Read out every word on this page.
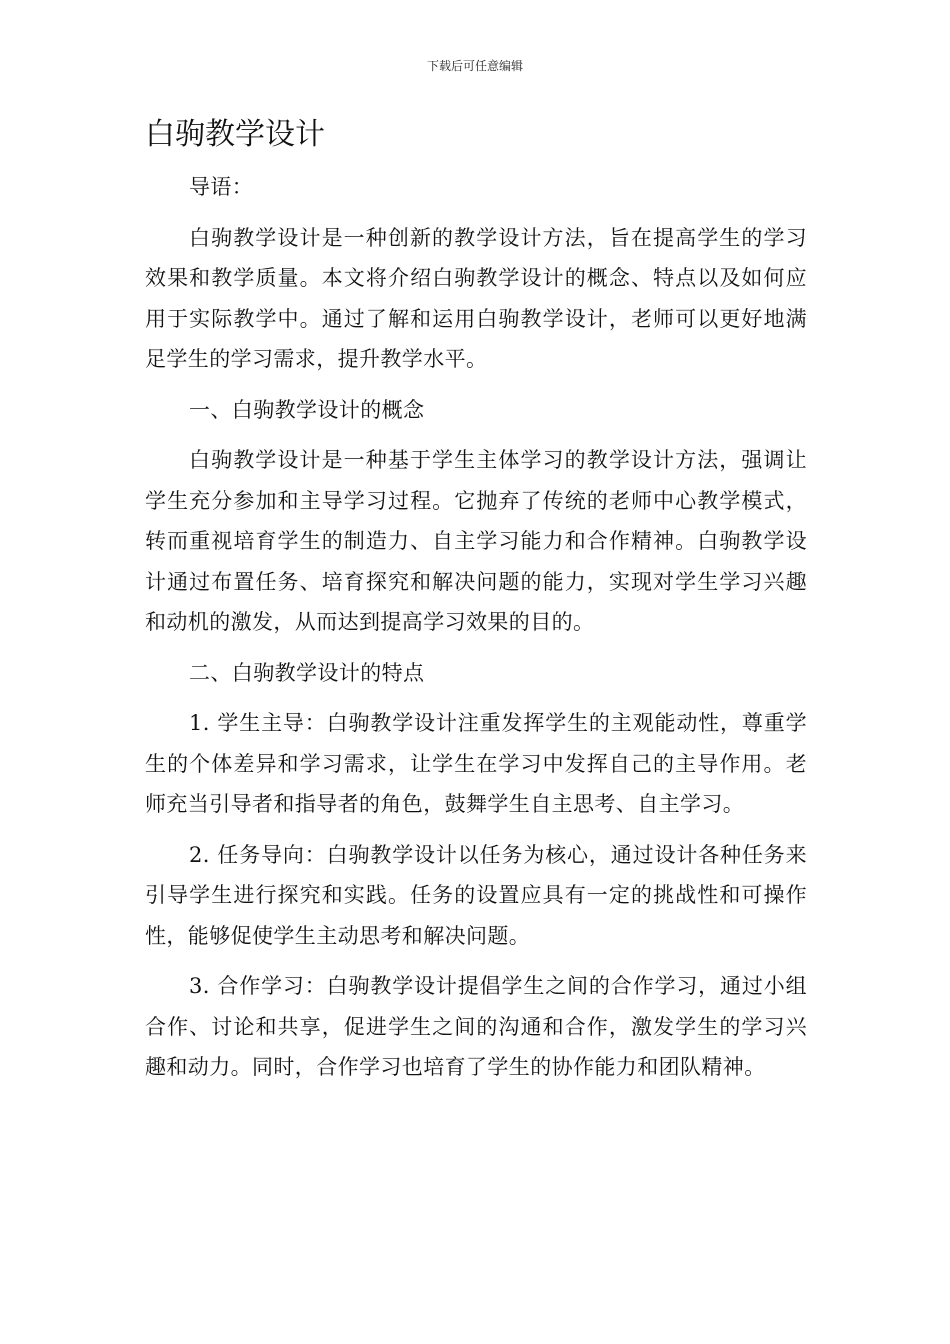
下载后可任意编辑
白驹教学设计

导语：

白驹教学设计是一种创新的教学设计方法，旨在提高学生的学习效果和教学质量。本文将介绍白驹教学设计的概念、特点以及如何应用于实际教学中。通过了解和运用白驹教学设计，老师可以更好地满足学生的学习需求，提升教学水平。

一、白驹教学设计的概念

白驹教学设计是一种基于学生主体学习的教学设计方法，强调让学生充分参加和主导学习过程。它抛弃了传统的老师中心教学模式，转而重视培育学生的制造力、自主学习能力和合作精神。白驹教学设计通过布置任务、培育探究和解决问题的能力，实现对学生学习兴趣和动机的激发，从而达到提高学习效果的目的。

二、白驹教学设计的特点

1. 学生主导：白驹教学设计注重发挥学生的主观能动性，尊重学生的个体差异和学习需求，让学生在学习中发挥自己的主导作用。老师充当引导者和指导者的角色，鼓舞学生自主思考、自主学习。

2. 任务导向：白驹教学设计以任务为核心，通过设计各种任务来引导学生进行探究和实践。任务的设置应具有一定的挑战性和可操作性，能够促使学生主动思考和解决问题。

3. 合作学习：白驹教学设计提倡学生之间的合作学习，通过小组合作、讨论和共享，促进学生之间的沟通和合作，激发学生的学习兴趣和动力。同时，合作学习也培育了学生的协作能力和团队精神。
